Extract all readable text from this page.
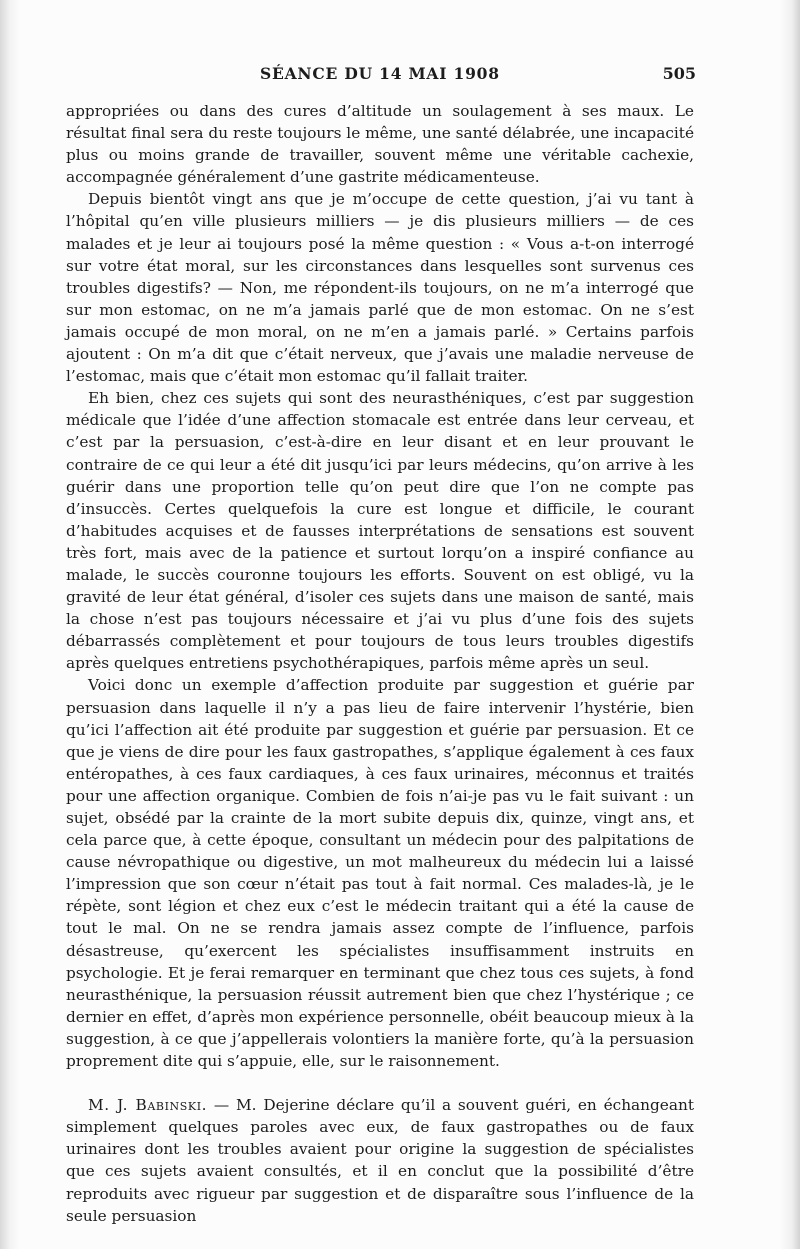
SÉANCE DU 14 MAI 1908	505

appropriées ou dans des cures d’altitude un soulagement à ses maux. Le résultat final sera du reste toujours le même, une santé délabrée, une incapacité plus ou moins grande de travailler, souvent même une véritable cachexie, accompagnée généralement d’une gastrite médicamenteuse.

Depuis bientôt vingt ans que je m’occupe de cette question, j’ai vu tant à l’hôpital qu’en ville plusieurs milliers — je dis plusieurs milliers — de ces malades et je leur ai toujours posé la même question : « Vous a-t-on interrogé sur votre état moral, sur les circonstances dans lesquelles sont survenus ces troubles digestifs? — Non, me répondent-ils toujours, on ne m’a interrogé que sur mon estomac, on ne m’a jamais parlé que de mon estomac. On ne s’est jamais occupé de mon moral, on ne m’en a jamais parlé. » Certains parfois ajoutent : On m’a dit que c’était nerveux, que j’avais une maladie nerveuse de l’estomac, mais que c’était mon estomac qu’il fallait traiter.

Eh bien, chez ces sujets qui sont des neurasthéniques, c’est par suggestion médicale que l’idée d’une affection stomacale est entrée dans leur cerveau, et c’est par la persuasion, c’est-à-dire en leur disant et en leur prouvant le contraire de ce qui leur a été dit jusqu’ici par leurs médecins, qu’on arrive à les guérir dans une proportion telle qu’on peut dire que l’on ne compte pas d’insuccès. Certes quelquefois la cure est longue et difficile, le courant d’habitudes acquises et de fausses interprétations de sensations est souvent très fort, mais avec de la patience et surtout lorqu’on a inspiré confiance au malade, le succès couronne toujours les efforts. Souvent on est obligé, vu la gravité de leur état général, d’isoler ces sujets dans une maison de santé, mais la chose n’est pas toujours nécessaire et j’ai vu plus d’une fois des sujets débarrassés complètement et pour toujours de tous leurs troubles digestifs après quelques entretiens psychothérapiques, parfois même après un seul.

Voici donc un exemple d’affection produite par suggestion et guérie par persuasion dans laquelle il n’y a pas lieu de faire intervenir l’hystérie, bien qu’ici l’affection ait été produite par suggestion et guérie par persuasion. Et ce que je viens de dire pour les faux gastropathes, s’applique également à ces faux entéropathes, à ces faux cardiaques, à ces faux urinaires, méconnus et traités pour une affection organique. Combien de fois n’ai-je pas vu le fait suivant : un sujet, obsédé par la crainte de la mort subite depuis dix, quinze, vingt ans, et cela parce que, à cette époque, consultant un médecin pour des palpitations de cause névropathique ou digestive, un mot malheureux du médecin lui a laissé l’impression que son cœur n’était pas tout à fait normal. Ces malades-là, je le répète, sont légion et chez eux c’est le médecin traitant qui a été la cause de tout le mal. On ne se rendra jamais assez compte de l’influence, parfois désastreuse, qu’exercent les spécialistes insuffisamment instruits en psychologie. Et je ferai remarquer en terminant que chez tous ces sujets, à fond neurasthénique, la persuasion réussit autrement bien que chez l’hystérique ; ce dernier en effet, d’après mon expérience personnelle, obéit beaucoup mieux à la suggestion, à ce que j’appellerais volontiers la manière forte, qu’à la persuasion proprement dite qui s’appuie, elle, sur le raisonnement.

M. J. Babinski. — M. Dejerine déclare qu’il a souvent guéri, en échangeant simplement quelques paroles avec eux, de faux gastropathes ou de faux urinaires dont les troubles avaient pour origine la suggestion de spécialistes que ces sujets avaient consultés, et il en conclut que la possibilité d’être reproduits avec rigueur par suggestion et de disparaître sous l’influence de la seule persuasion
